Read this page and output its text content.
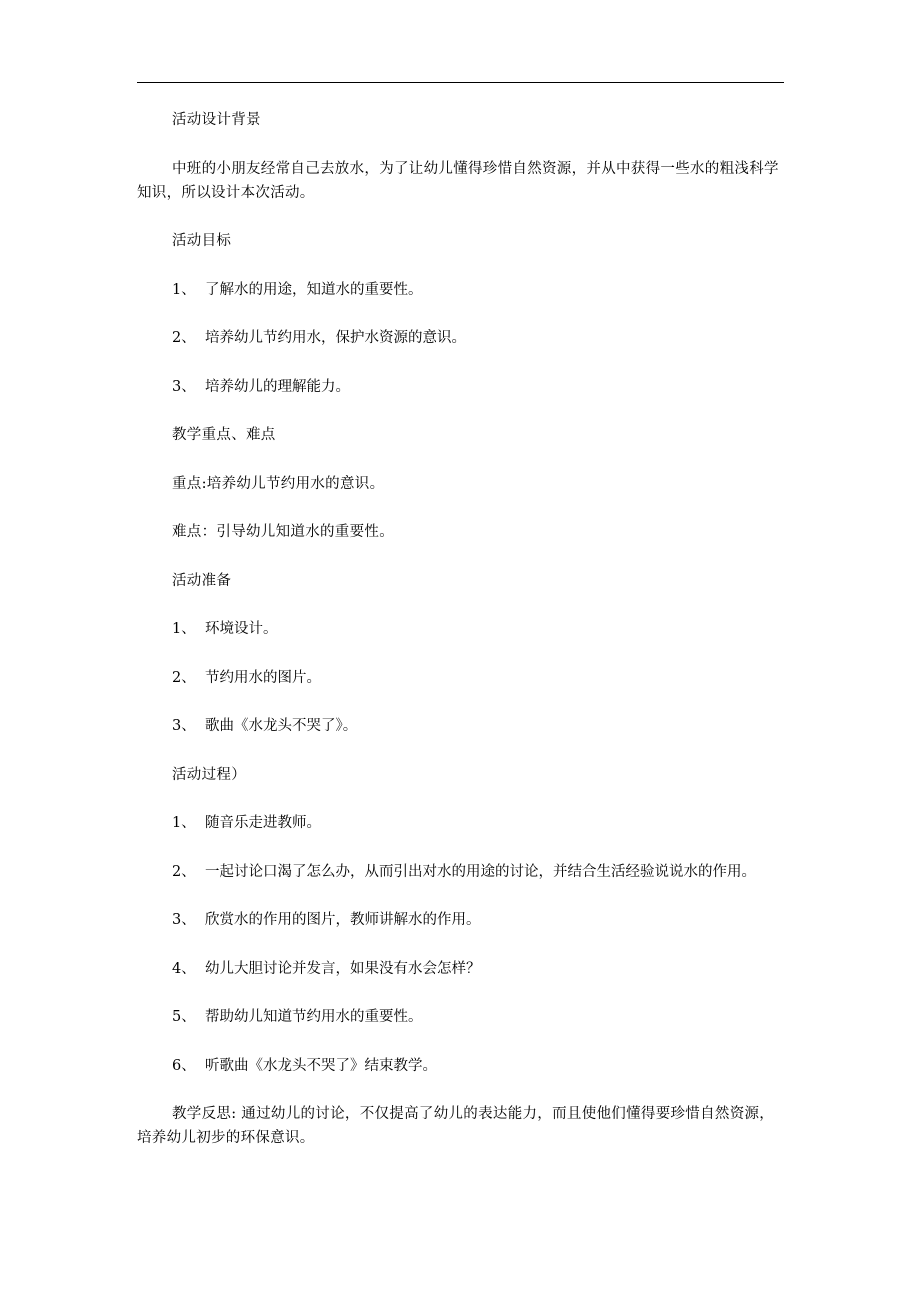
活动设计背景

中班的小朋友经常自己去放水，为了让幼儿懂得珍惜自然资源，并从中获得一些水的粗浅科学知识，所以设计本次活动。

活动目标

1、 了解水的用途，知道水的重要性。
2、 培养幼儿节约用水，保护水资源的意识。
3、 培养幼儿的理解能力。

教学重点、难点

重点:培养幼儿节约用水的意识。

难点：引导幼儿知道水的重要性。

活动准备

1、 环境设计。
2、 节约用水的图片。
3、 歌曲《水龙头不哭了》。

活动过程）

1、 随音乐走进教师。
2、 一起讨论口渴了怎么办，从而引出对水的用途的讨论，并结合生活经验说说水的作用。
3、 欣赏水的作用的图片，教师讲解水的作用。
4、 幼儿大胆讨论并发言，如果没有水会怎样？
5、 帮助幼儿知道节约用水的重要性。
6、 听歌曲《水龙头不哭了》结束教学。

教学反思: 通过幼儿的讨论，不仅提高了幼儿的表达能力，而且使他们懂得要珍惜自然资源，培养幼儿初步的环保意识。
